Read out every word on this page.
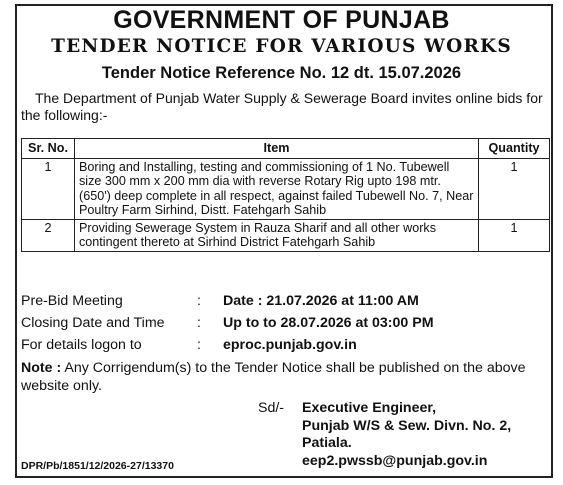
GOVERNMENT OF PUNJAB
TENDER NOTICE FOR VARIOUS WORKS
Tender Notice Reference No. 12 dt. 15.07.2026
The Department of Punjab Water Supply & Sewerage Board invites online bids for the following:-
Sr. No.	Item	Quantity
1	Boring and Installing, testing and commissioning of 1 No. Tubewell size 300 mm x 200 mm dia with reverse Rotary Rig upto 198 mtr. (650') deep complete in all respect, against failed Tubewell No. 7, Near Poultry Farm Sirhind, Distt. Fatehgarh Sahib	1
2	Providing Sewerage System in Rauza Sharif and all other works contingent thereto at Sirhind District Fatehgarh Sahib	1
Pre-Bid Meeting	: Date : 21.07.2026 at 11:00 AM
Closing Date and Time : Up to to 28.07.2026 at 03:00 PM
For details logon to	: eproc.punjab.gov.in
Note : Any Corrigendum(s) to the Tender Notice shall be published on the above website only.
Sd/- Executive Engineer,
Punjab W/S & Sew. Divn. No. 2,
Patiala.
eep2.pwssb@punjab.gov.in
DPR/Pb/1851/12/2026-27/13370
